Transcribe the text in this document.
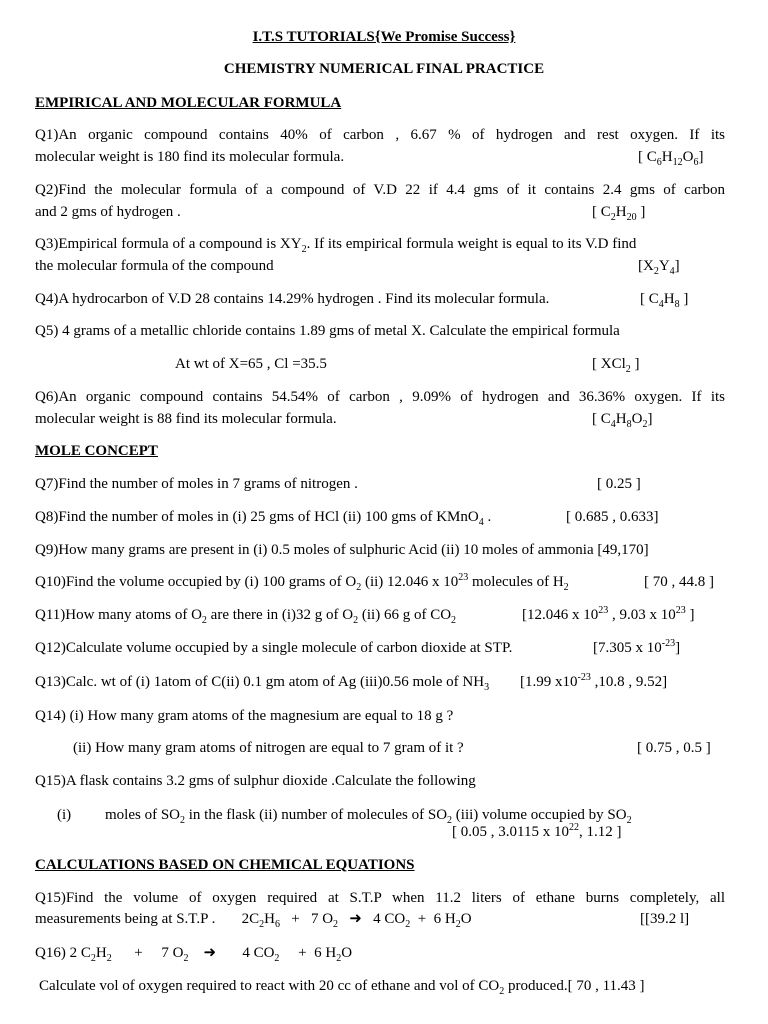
I.T.S TUTORIALS{We Promise Success}
CHEMISTRY NUMERICAL FINAL PRACTICE
EMPIRICAL AND MOLECULAR FORMULA
Q1)An organic compound contains 40% of carbon , 6.67 % of hydrogen and rest oxygen. If its
molecular weight is 180 find its molecular formula.	[ $C_6H_{12}O_6$]
Q2)Find the molecular formula of a compound of V.D 22 if 4.4 gms of it contains 2.4 gms of carbon
and 2 gms of hydrogen .	[ $C_2H_{20}$ ]
Q3)Empirical formula of a compound is $XY_2$. If its empirical formula weight is equal to its V.D find
the molecular formula of the compound	$[X_2Y_4]$
Q4)A hydrocarbon of V.D 28 contains 14.29% hydrogen . Find its molecular formula.	[ $C_4H_8$ ]
Q5) 4 grams of a metallic chloride contains 1.89 gms of metal X. Calculate the empirical formula
At wt of X=65 , Cl =35.5	[ XCl$_2$ ]
Q6)An organic compound contains 54.54% of carbon , 9.09% of hydrogen and 36.36% oxygen. If its
molecular weight is 88 find its molecular formula.	[ $C_4H_8O_2$]
MOLE CONCEPT
Q7)Find the number of moles in 7 grams of nitrogen .	[ 0.25 ]
Q8)Find the number of moles in (i) 25 gms of HCl (ii) 100 gms of KMnO$_4$ .	[ 0.685 , 0.633]
Q9)How many grams are present in (i) 0.5 moles of sulphuric Acid (ii) 10 moles of ammonia [49,170]
Q10)Find the volume occupied by (i) 100 grams of $O_2$ (ii) 12.046 x $10^{23}$ molecules of $H_2$	[ 70 , 44.8 ]
Q11)How many atoms of $O_2$ are there in (i)32 g of $O_2$ (ii) 66 g of $CO_2$	[12.046 x $10^{23}$ , 9.03 x $10^{23}$ ]
Q12)Calculate volume occupied by a single molecule of carbon dioxide at STP.	[7.305 x $10^{-23}$]
Q13)Calc. wt of (i) 1atom of C(ii) 0.1 gm atom of Ag (iii)0.56 mole of $NH_3$	[1.99 $x10^{-23}$ ,10.8 , 9.52]
Q14) (i) How many gram atoms of the magnesium are equal to 18 g ?
(ii) How many gram atoms of nitrogen are equal to 7 gram of it ?	[ 0.75 , 0.5 ]
Q15)A flask contains 3.2 gms of sulphur dioxide .Calculate the following
(i) moles of $SO_2$ in the flask (ii) number of molecules of $SO_2$ (iii) volume occupied by $SO_2$
[ 0.05 , 3.0115 x $10^{22}$, 1.12 ]
CALCULATIONS BASED ON CHEMICAL EQUATIONS
Q15)Find the volume of oxygen required at S.T.P when 11.2 liters of ethane burns completely, all
measurements being at S.T.P .       $2C_2H_6 + 7$ $O_2$ ➜   4 $CO_2 + 6$ $H_2O$	[[39.2 l]
Q16) 2 $C_2H_2$      +     7 $O_2$ ➜       4 $CO_2$     +  6 $H_2O$
Calculate vol of oxygen required to react with 20 cc of ethane and vol of $CO_2$ produced.[ 70 , 11.43 ]
